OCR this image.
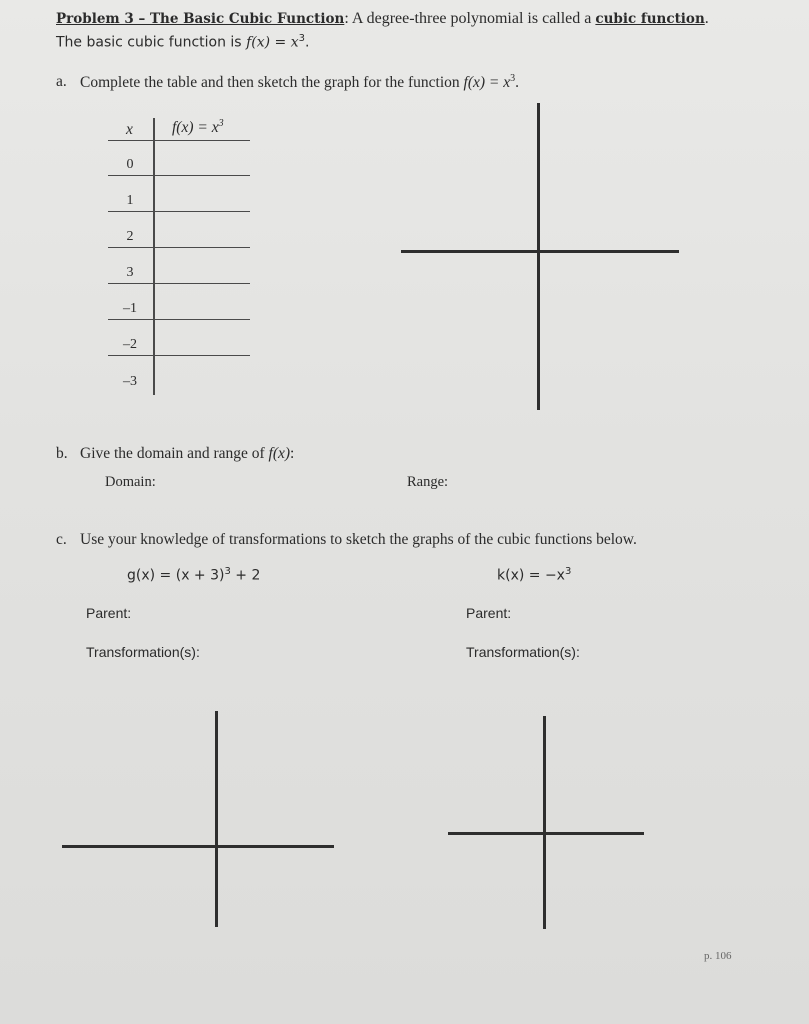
Problem 3 – The Basic Cubic Function: A degree-three polynomial is called a cubic function.
The basic cubic function is $f(x) = x^3$.
a. Complete the table and then sketch the graph for the function $f(x) = x^3$.
x	$f(x) = x^3$
0
1
2
3
–1
–2
–3
b. Give the domain and range of f(x):
Domain:	Range:
c. Use your knowledge of transformations to sketch the graphs of the cubic functions below.
$g(x) = (x + 3)^3 + 2$	$k(x) = -x^3$
Parent:	Parent:
Transformation(s):	Transformation(s):
p. 106
